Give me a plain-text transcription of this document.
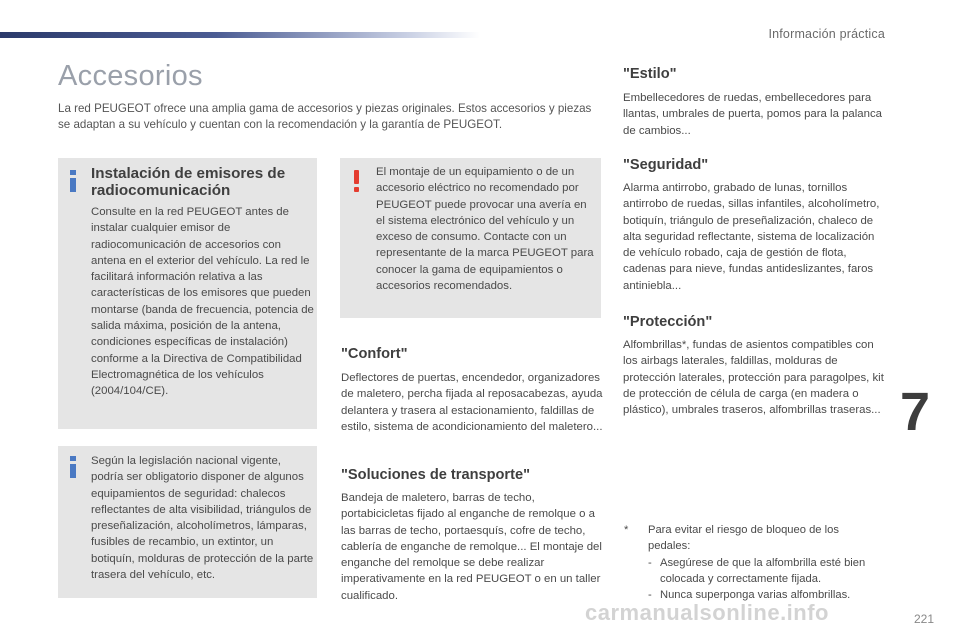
Información práctica
Accesorios

La red PEUGEOT ofrece una amplia gama de accesorios y piezas originales. Estos accesorios y piezas se adaptan a su vehículo y cuentan con la recomendación y la garantía de PEUGEOT.

Instalación de emisores de radiocomunicación

Consulte en la red PEUGEOT antes de instalar cualquier emisor de radiocomunicación de accesorios con antena en el exterior del vehículo. La red le facilitará información relativa a las características de los emisores que pueden montarse (banda de frecuencia, potencia de salida máxima, posición de la antena, condiciones específicas de instalación) conforme a la Directiva de Compatibilidad Electromagnética de los vehículos (2004/104/CE).

El montaje de un equipamiento o de un accesorio eléctrico no recomendado por PEUGEOT puede provocar una avería en el sistema electrónico del vehículo y un exceso de consumo. Contacte con un representante de la marca PEUGEOT para conocer la gama de equipamientos o accesorios recomendados.

Según la legislación nacional vigente, podría ser obligatorio disponer de algunos equipamientos de seguridad: chalecos reflectantes de alta visibilidad, triángulos de preseñalización, alcoholímetros, lámparas, fusibles de recambio, un extintor, un botiquín, molduras de protección de la parte trasera del vehículo, etc.

"Confort"

Deflectores de puertas, encendedor, organizadores de maletero, percha fijada al reposacabezas, ayuda delantera y trasera al estacionamiento, faldillas de estilo, sistema de acondicionamiento del maletero...

"Soluciones de transporte"

Bandeja de maletero, barras de techo, portabicicletas fijado al enganche de remolque o a las barras de techo, portaesquís, cofre de techo, cablería de enganche de remolque... El montaje del enganche del remolque se debe realizar imperativamente en la red PEUGEOT o en un taller cualificado.

"Estilo"

Embellecedores de ruedas, embellecedores para llantas, umbrales de puerta, pomos para la palanca de cambios...

"Seguridad"

Alarma antirrobo, grabado de lunas, tornillos antirrobo de ruedas, sillas infantiles, alcoholímetro, botiquín, triángulo de preseñalización, chaleco de alta seguridad reflectante, sistema de localización de vehículo robado, caja de gestión de flota, cadenas para nieve, fundas antideslizantes, faros antiniebla...

"Protección"

Alfombrillas*, fundas de asientos compatibles con los airbags laterales, faldillas, molduras de protección laterales, protección para paragolpes, kit de protección de célula de carga (en madera o plástico), umbrales traseros, alfombrillas traseras...

* Para evitar el riesgo de bloqueo de los pedales:
- Asegúrese de que la alfombrilla esté bien colocada y correctamente fijada.
- Nunca superponga varias alfombrillas.
7
carmanualsonline.info	221
